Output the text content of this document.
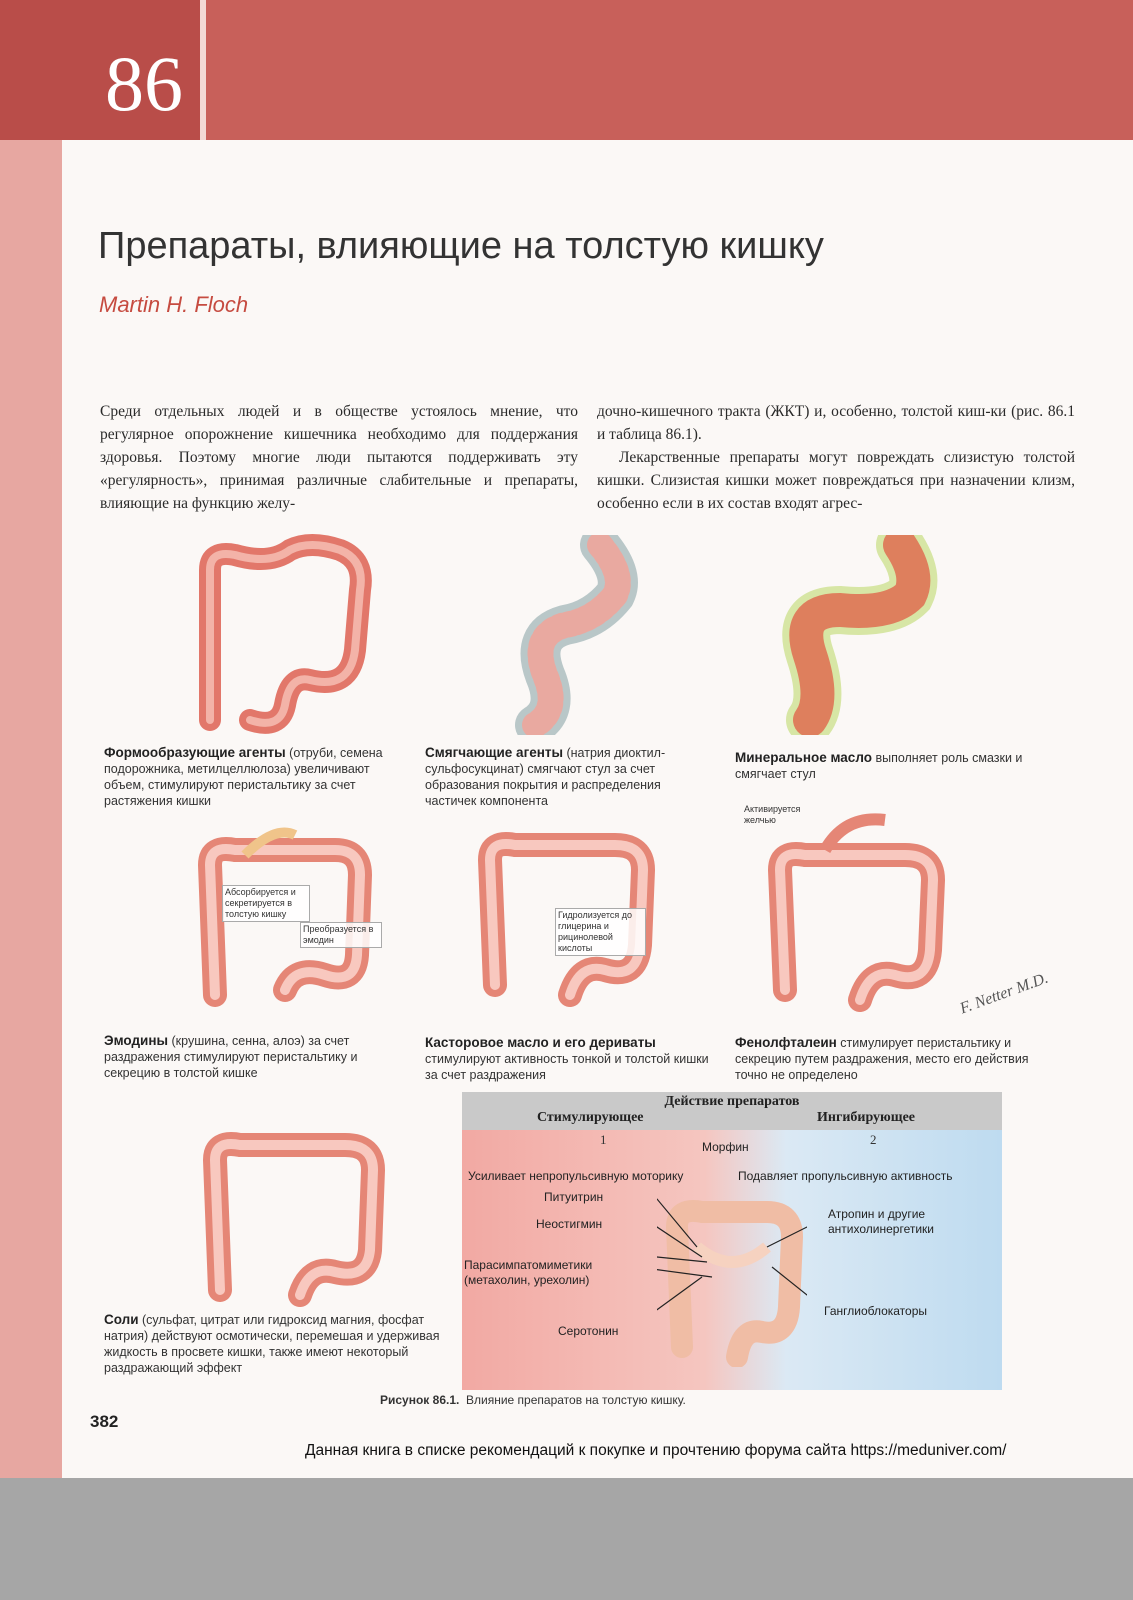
86
Препараты, влияющие на толстую кишку
Martin H. Floch

Среди отдельных людей и в обществе устоялось мнение, что регулярное опорожнение кишечника необходимо для поддержания здоровья. Поэтому многие люди пытаются поддерживать эту «регулярность», принимая различные слабительные и препараты, влияющие на функцию желу-

дочно-кишечного тракта (ЖКТ) и, особенно, толстой киш-ки (рис. 86.1 и таблица 86.1).

Лекарственные препараты могут повреждать слизистую толстой кишки. Слизистая кишки может повреждаться при назначении клизм, особенно если в их состав входят агрес-

Формообразующие агенты (отруби, семена подорожника, метилцеллюлоза) увеличивают объем, стимулируют перистальтику за счет растяжения кишки
Смягчающие агенты (натрия диоктил-сульфосукцинат) смягчают стул за счет образования покрытия и распределения частичек компонента
Минеральное масло выполняет роль смазки и смягчает стул
Абсорбируется и секретируется в толстую кишку
Преобразуется в эмодин
Гидролизуется до глицерина и рицинолевой кислоты
Активируется желчью
F. Netter M.D.
Эмодины (крушина, сенна, алоэ) за счет раздражения стимулируют перистальтику и секрецию в толстой кишке
Касторовое масло и его дериваты стимулируют активность тонкой и толстой кишки за счет раздражения
Фенолфталеин стимулирует перистальтику и секрецию путем раздражения, место его действия точно не определено
Соли (сульфат, цитрат или гидроксид магния, фосфат натрия) действуют осмотически, перемешая и удерживая жидкость в просвете кишки, также имеют некоторый раздражающий эффект
Действие препаратов
Стимулирующее	Ингибирующее
1	2
Морфин
Усиливает непропульсивную моторику	Подавляет пропульсивную активность
Питуитрин
Неостигмин
Парасимпатомиметики (метахолин, урехолин)
Серотонин
Атропин и другие антихолинергетики
Ганглиоблокаторы
Рисунок 86.1. Влияние препаратов на толстую кишку.
382
Данная книга в списке рекомендаций к покупке и прочтению форума сайта https://meduniver.com/
